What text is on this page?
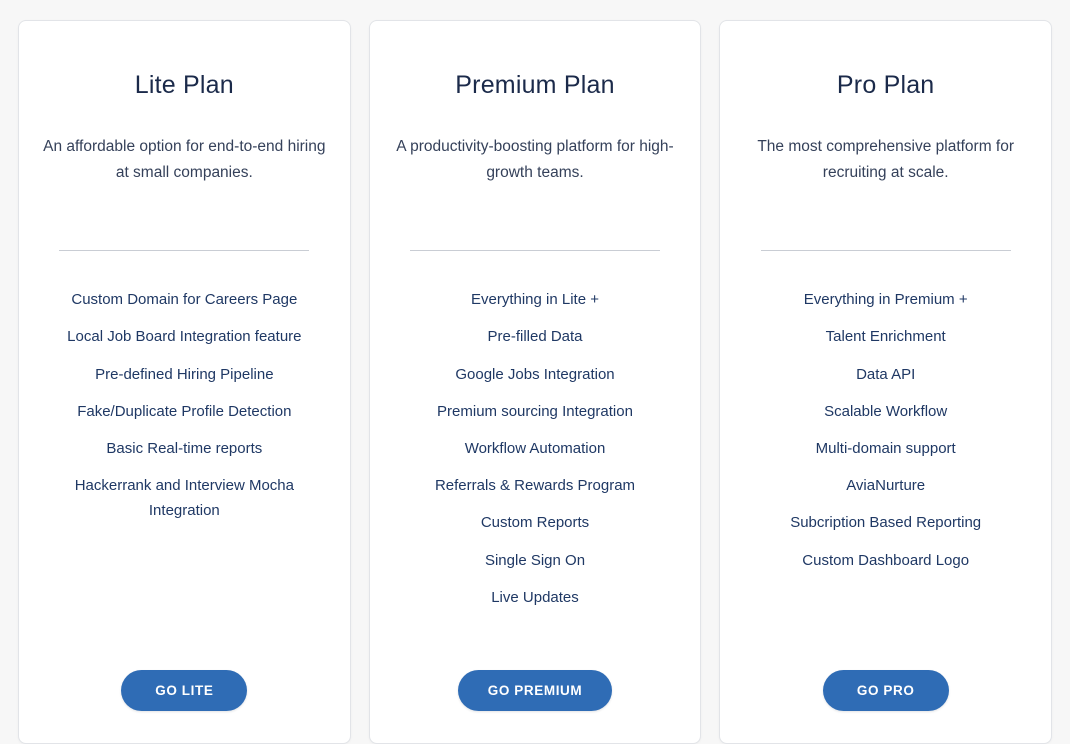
Lite Plan

An affordable option for end-to-end hiring at small companies.

Custom Domain for Careers Page
Local Job Board Integration feature
Pre-defined Hiring Pipeline
Fake/Duplicate Profile Detection
Basic Real-time reports
Hackerrank and Interview Mocha Integration
GO LITE
Premium Plan

A productivity-boosting platform for high-growth teams.

Everything in Lite +
Pre-filled Data
Google Jobs Integration
Premium sourcing Integration
Workflow Automation
Referrals & Rewards Program
Custom Reports
Single Sign On
Live Updates
GO PREMIUM
Pro Plan

The most comprehensive platform for recruiting at scale.

Everything in Premium +
Talent Enrichment
Data API
Scalable Workflow
Multi-domain support
AviaNurture
Subcription Based Reporting
Custom Dashboard Logo
GO PRO
